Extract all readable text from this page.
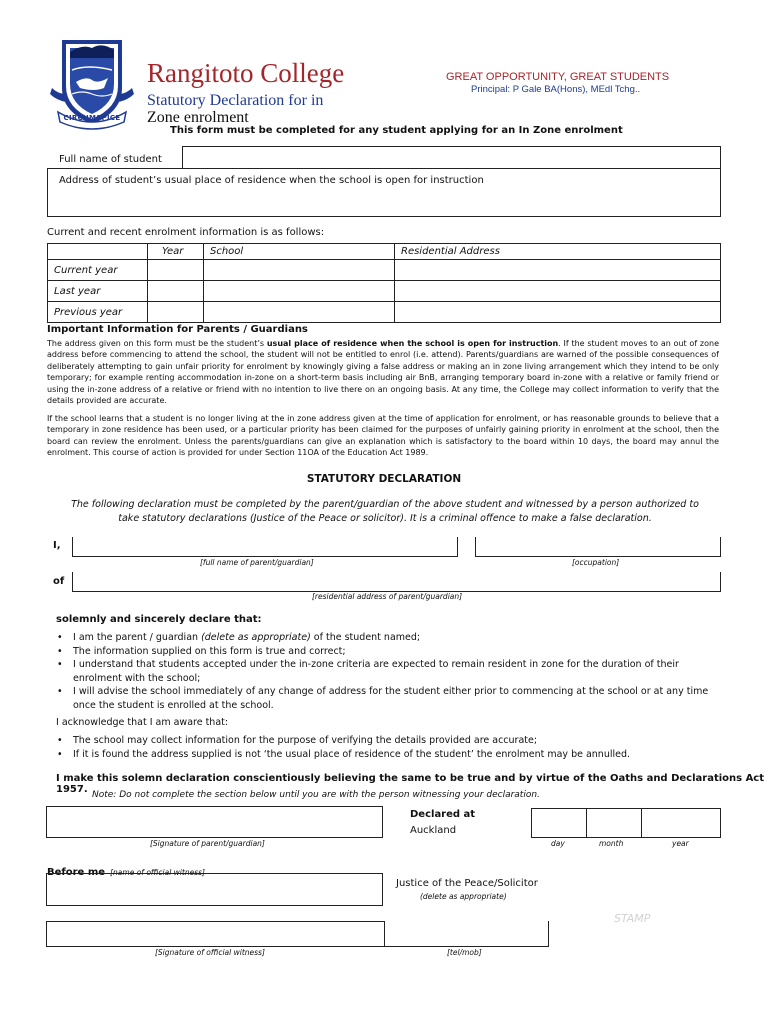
CIRCUMSPICE
Rangitoto College
Statutory Declaration for in
Zone enrolment
GREAT OPPORTUNITY, GREAT STUDENTS
Principal: P Gale BA(Hons), MEdl Tchg..
This form must be completed for any student applying for an In Zone enrolment
Full name of student
Address of student’s usual place of residence when the school is open for instruction
Current and recent enrolment information is as follows:
	Year	School	Residential Address
Current year			
Last year			
Previous year			
Important Information for Parents / Guardians
The address given on this form must be the student’s usual place of residence when the school is open for instruction. If the student moves to an out of zone address before commencing to attend the school, the student will not be entitled to enrol (i.e. attend). Parents/guardians are warned of the possible consequences of deliberately attempting to gain unfair priority for enrolment by knowingly giving a false address or making an in zone living arrangement which they intend to be only temporary; for example renting accommodation in-zone on a short-term basis including air BnB, arranging temporary board in-zone with a relative or family friend or using the in-zone address of a relative or friend with no intention to live there on an ongoing basis. At any time, the College may collect information to verify that the details provided are accurate.
If the school learns that a student is no longer living at the in zone address given at the time of application for enrolment, or has reasonable grounds to believe that a temporary in zone residence has been used, or a particular priority has been claimed for the purposes of unfairly gaining priority in enrolment at the school, then the board can review the enrolment. Unless the parents/guardians can give an explanation which is satisfactory to the board within 10 days, the board may annul the enrolment. This course of action is provided for under Section 11OA of the Education Act 1989.
STATUTORY DECLARATION
The following declaration must be completed by the parent/guardian of the above student and witnessed by a person authorized to take statutory declarations (Justice of the Peace or solicitor). It is a criminal offence to make a false declaration.
I,
[full name of parent/guardian]	[occupation]
of
[residential address of parent/guardian]
solemnly and sincerely declare that:
• I am the parent / guardian (delete as appropriate) of the student named;
• The information supplied on this form is true and correct;
• I understand that students accepted under the in-zone criteria are expected to remain resident in zone for the duration of their enrolment with the school;
• I will advise the school immediately of any change of address for the student either prior to commencing at the school or at any time once the student is enrolled at the school.
I acknowledge that I am aware that:
• The school may collect information for the purpose of verifying the details provided are accurate;
• If it is found the address supplied is not ‘the usual place of residence of the student’ the enrolment may be annulled.
I make this solemn declaration conscientiously believing the same to be true and by virtue of the Oaths and Declarations Act 1957. Note: Do not complete the section below until you are with the person witnessing your declaration.
[Signature of parent/guardian]
Declared at
Auckland
day	month	year
Before me [name of official witness]
Justice of the Peace/Solicitor
(delete as appropriate)
STAMP
[Signature of official witness]	[tel/mob]
